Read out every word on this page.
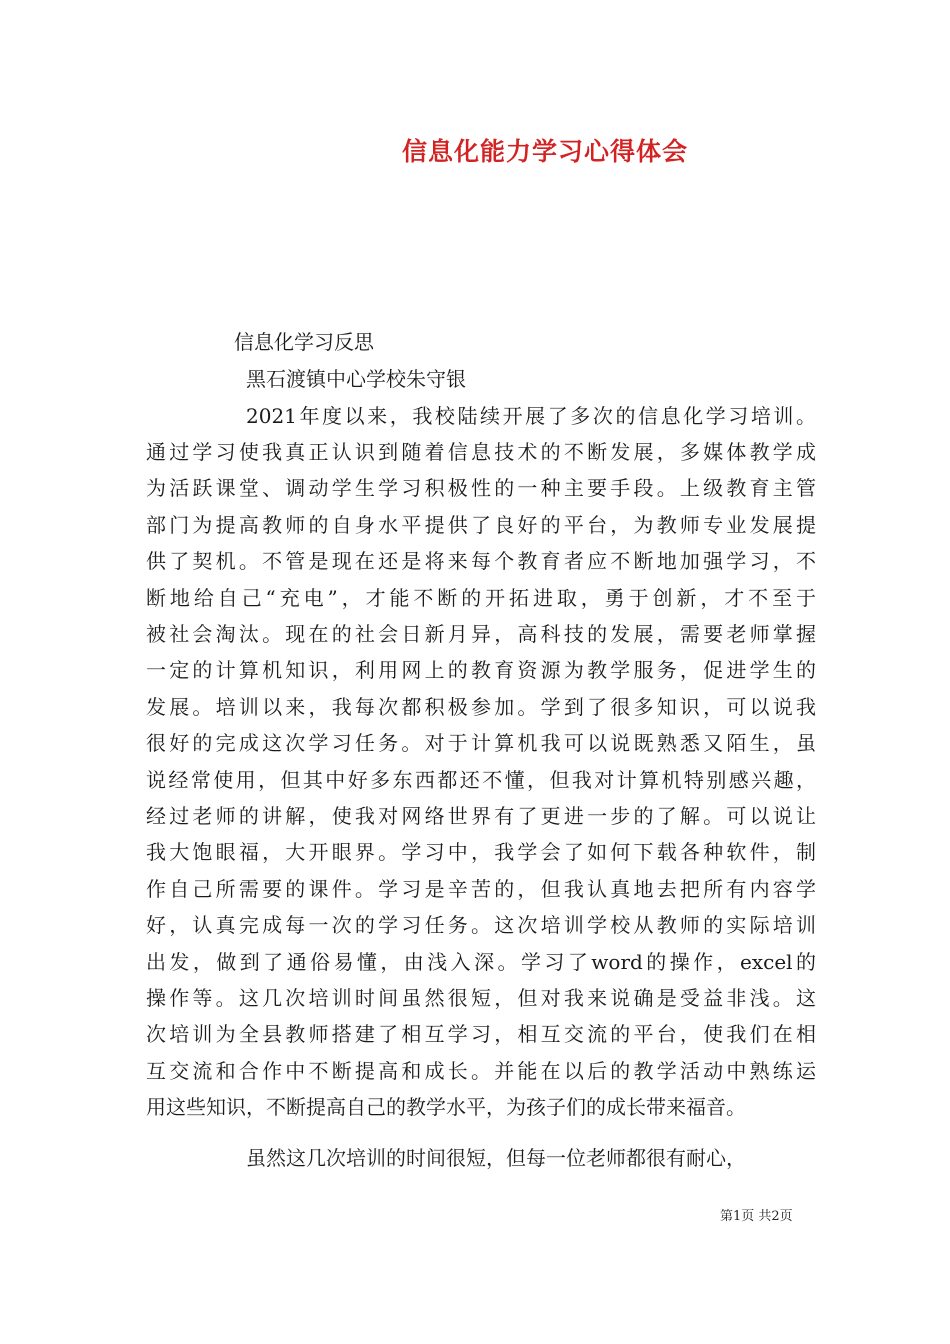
信息化能力学习心得体会
信息化学习反思
黑石渡镇中心学校朱守银
2021年度以来，我校陆续开展了多次的信息化学习培训。
通过学习使我真正认识到随着信息技术的不断发展，多媒体教学成
为活跃课堂、调动学生学习积极性的一种主要手段。上级教育主管
部门为提高教师的自身水平提供了良好的平台，为教师专业发展提
供了契机。不管是现在还是将来每个教育者应不断地加强学习，不
断地给自己“充电”，才能不断的开拓进取，勇于创新，才不至于
被社会淘汰。现在的社会日新月异，高科技的发展，需要老师掌握
一定的计算机知识，利用网上的教育资源为教学服务，促进学生的
发展。培训以来，我每次都积极参加。学到了很多知识，可以说我
很好的完成这次学习任务。对于计算机我可以说既熟悉又陌生，虽
说经常使用，但其中好多东西都还不懂，但我对计算机特别感兴趣，
经过老师的讲解，使我对网络世界有了更进一步的了解。可以说让
我大饱眼福，大开眼界。学习中，我学会了如何下载各种软件，制
作自己所需要的课件。学习是辛苦的，但我认真地去把所有内容学
好，认真完成每一次的学习任务。这次培训学校从教师的实际培训
出发，做到了通俗易懂，由浅入深。学习了word的操作，excel的
操作等。这几次培训时间虽然很短，但对我来说确是受益非浅。这
次培训为全县教师搭建了相互学习，相互交流的平台，使我们在相
互交流和合作中不断提高和成长。并能在以后的教学活动中熟练运
用这些知识，不断提高自己的教学水平，为孩子们的成长带来福音。
虽然这几次培训的时间很短，但每一位老师都很有耐心，
第1页 共2页
